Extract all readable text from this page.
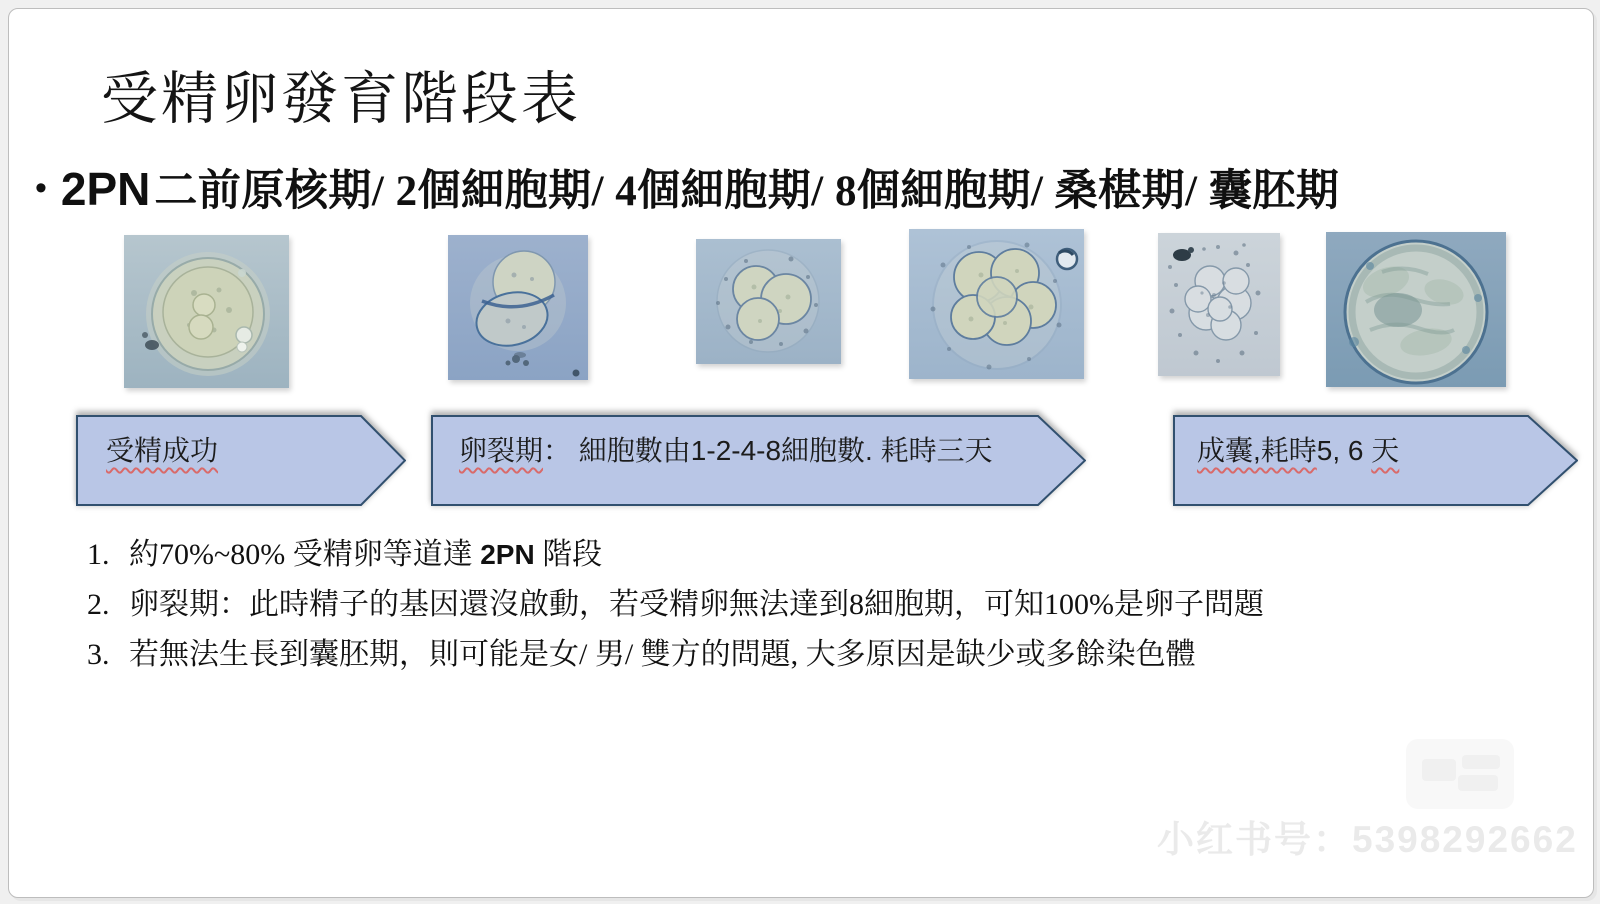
受精卵發育階段表
• 2PN 二前原核期/ 2個細胞期/ 4個細胞期/ 8個細胞期/ 桑椹期/ 囊胚期
受精成功	卵裂期： 細胞數由1-2-4-8細胞數. 耗時三天	成囊,耗時5, 6 天
1. 約70%~80% 受精卵等道達 2PN 階段
2. 卵裂期：此時精子的基因還沒啟動，若受精卵無法達到8細胞期，可知100%是卵子問題
3. 若無法生長到囊胚期，則可能是女/ 男/ 雙方的問題, 大多原因是缺少或多餘染色體
小红书号：5398292662
